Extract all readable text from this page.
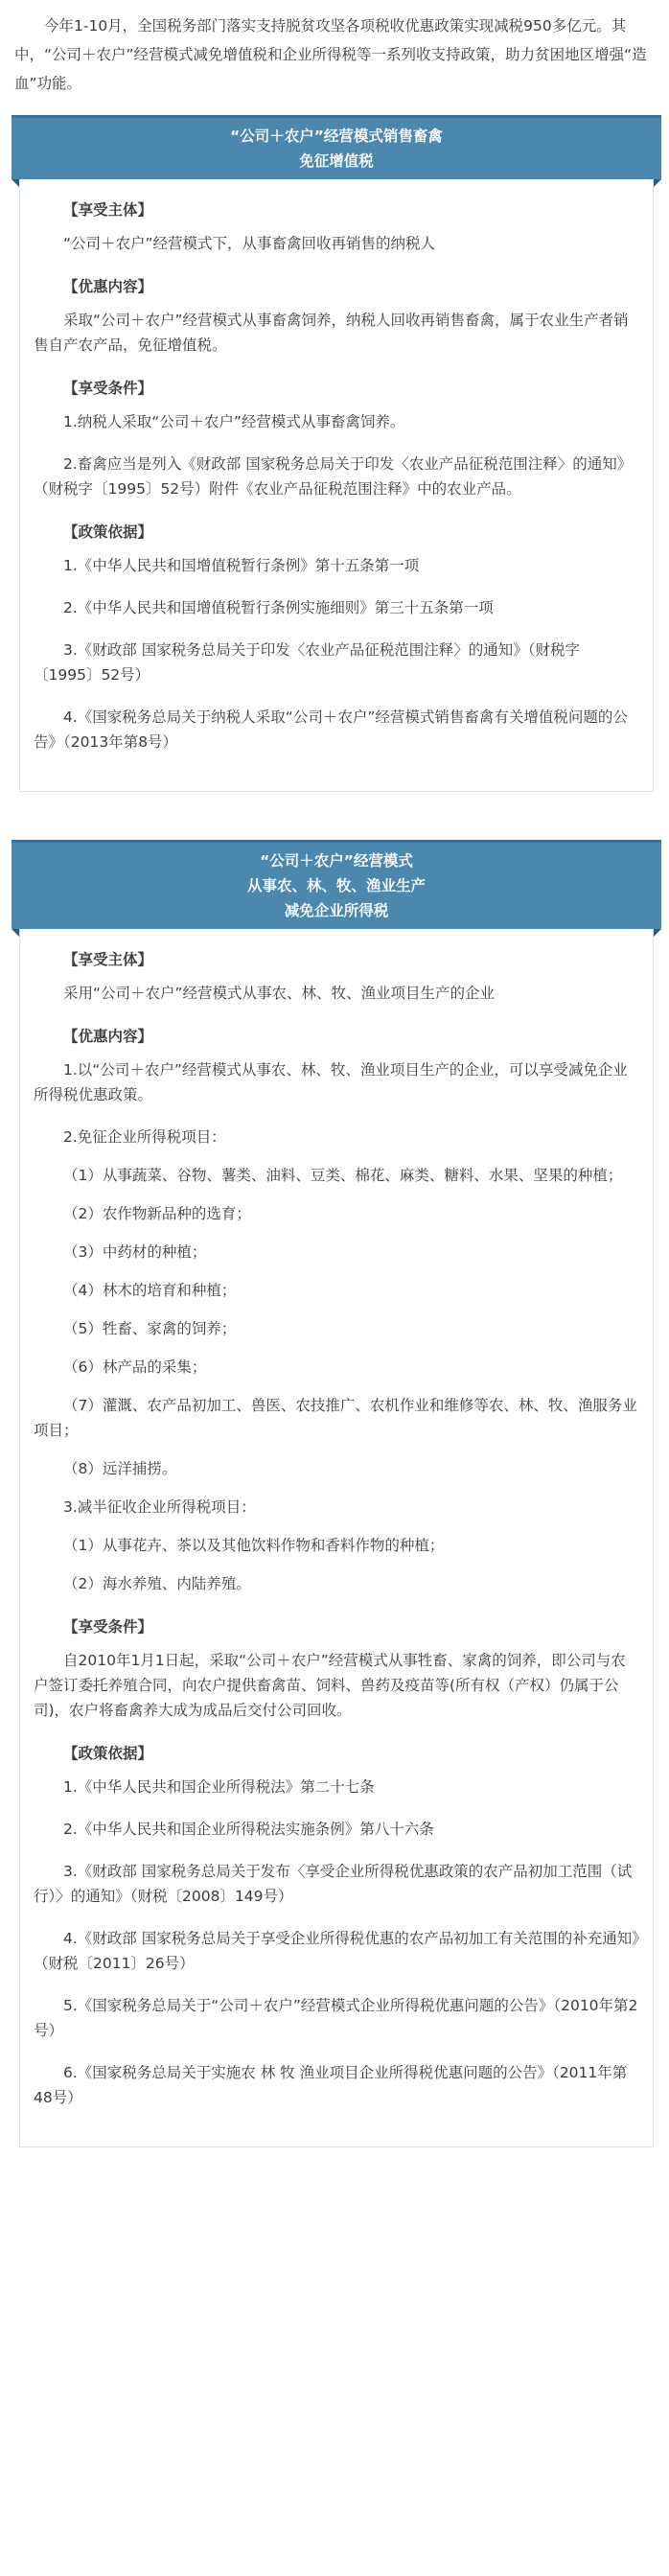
今年1-10月，全国税务部门落实支持脱贫攻坚各项税收优惠政策实现减税950多亿元。其中，“公司＋农户”经营模式减免增值税和企业所得税等一系列收支持政策，助力贫困地区增强“造血”功能。

“公司＋农户”经营模式销售畜禽
免征增值税
【享受主体】

“公司＋农户”经营模式下，从事畜禽回收再销售的纳税人

【优惠内容】

采取“公司＋农户”经营模式从事畜禽饲养，纳税人回收再销售畜禽，属于农业生产者销售自产农产品，免征增值税。

【享受条件】

1.纳税人采取“公司＋农户”经营模式从事畜禽饲养。

2.畜禽应当是列入《财政部 国家税务总局关于印发〈农业产品征税范围注释〉的通知》（财税字〔1995〕52号）附件《农业产品征税范围注释》中的农业产品。

【政策依据】

1.《中华人民共和国增值税暂行条例》第十五条第一项

2.《中华人民共和国增值税暂行条例实施细则》第三十五条第一项

3.《财政部 国家税务总局关于印发〈农业产品征税范围注释〉的通知》（财税字〔1995〕52号）

4.《国家税务总局关于纳税人采取“公司＋农户”经营模式销售畜禽有关增值税问题的公告》（2013年第8号）

“公司＋农户”经营模式
从事农、林、牧、渔业生产
减免企业所得税
【享受主体】

采用“公司＋农户”经营模式从事农、林、牧、渔业项目生产的企业

【优惠内容】

1.以“公司＋农户”经营模式从事农、林、牧、渔业项目生产的企业，可以享受减免企业所得税优惠政策。

2.免征企业所得税项目：

（1）从事蔬菜、谷物、薯类、油料、豆类、棉花、麻类、糖料、水果、坚果的种植；

（2）农作物新品种的选育；

（3）中药材的种植；

（4）林木的培育和种植；

（5）牲畜、家禽的饲养；

（6）林产品的采集；

（7）灌溉、农产品初加工、兽医、农技推广、农机作业和维修等农、林、牧、渔服务业项目；

（8）远洋捕捞。

3.减半征收企业所得税项目：

（1）从事花卉、茶以及其他饮料作物和香料作物的种植；

（2）海水养殖、内陆养殖。

【享受条件】

自2010年1月1日起，采取“公司＋农户”经营模式从事牲畜、家禽的饲养，即公司与农户签订委托养殖合同，向农户提供畜禽苗、饲料、兽药及疫苗等(所有权（产权）仍属于公司)，农户将畜禽养大成为成品后交付公司回收。

【政策依据】

1.《中华人民共和国企业所得税法》第二十七条

2.《中华人民共和国企业所得税法实施条例》第八十六条

3.《财政部 国家税务总局关于发布〈享受企业所得税优惠政策的农产品初加工范围（试行）〉的通知》（财税〔2008〕149号）

4.《财政部 国家税务总局关于享受企业所得税优惠的农产品初加工有关范围的补充通知》（财税〔2011〕26号）

5.《国家税务总局关于“公司＋农户”经营模式企业所得税优惠问题的公告》（2010年第2号）

6.《国家税务总局关于实施农 林 牧 渔业项目企业所得税优惠问题的公告》（2011年第48号）
